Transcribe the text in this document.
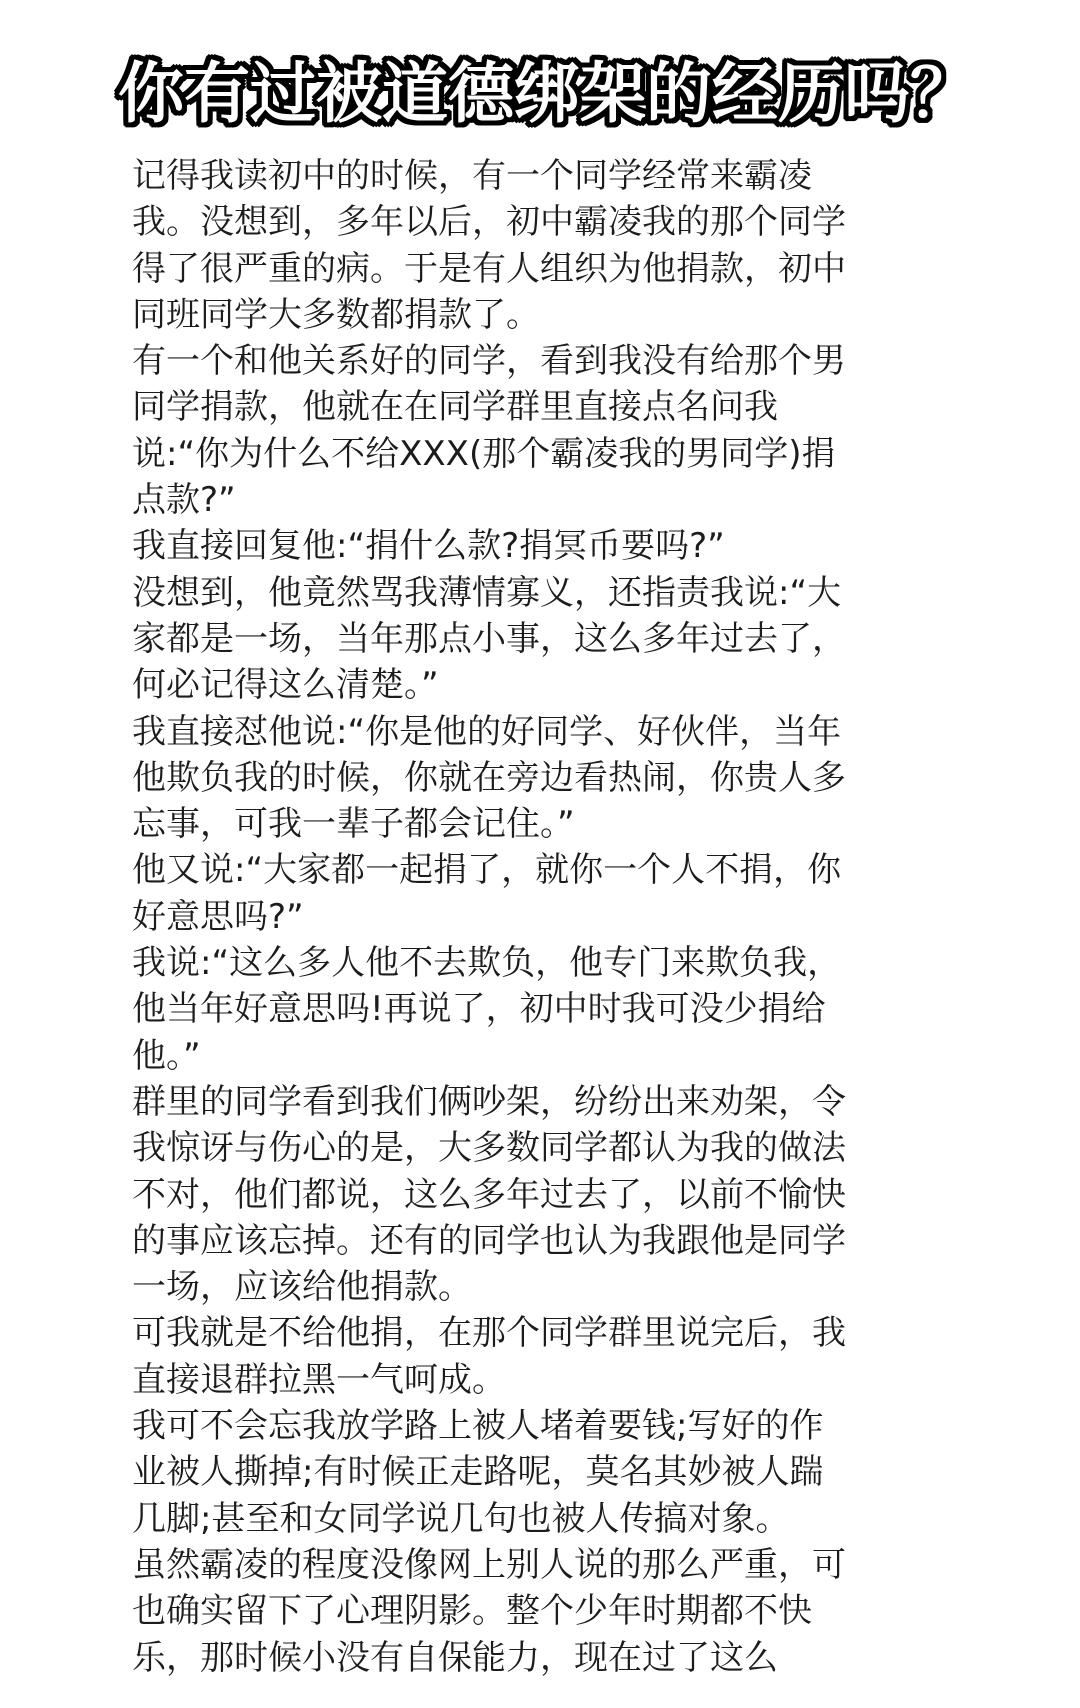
你有过被道德绑架的经历吗？

记得我读初中的时候，有一个同学经常来霸凌我。没想到，多年以后，初中霸凌我的那个同学得了很严重的病。于是有人组织为他捐款，初中同班同学大多数都捐款了。

有一个和他关系好的同学，看到我没有给那个男同学捐款，他就在在同学群里直接点名问我说:“你为什么不给XXX(那个霸凌我的男同学)捐点款?”

我直接回复他:“捐什么款?捐冥币要吗?”

没想到，他竟然骂我薄情寡义，还指责我说:“大家都是一场，当年那点小事，这么多年过去了，何必记得这么清楚。”

我直接怼他说:“你是他的好同学、好伙伴，当年他欺负我的时候，你就在旁边看热闹，你贵人多忘事，可我一辈子都会记住。”

他又说:“大家都一起捐了，就你一个人不捐，你好意思吗?”

我说:“这么多人他不去欺负，他专门来欺负我，他当年好意思吗!再说了，初中时我可没少捐给他。”

群里的同学看到我们俩吵架，纷纷出来劝架，令我惊讶与伤心的是，大多数同学都认为我的做法不对，他们都说，这么多年过去了，以前不愉快的事应该忘掉。还有的同学也认为我跟他是同学一场，应该给他捐款。

可我就是不给他捐，在那个同学群里说完后，我直接退群拉黑一气呵成。

我可不会忘我放学路上被人堵着要钱;写好的作业被人撕掉;有时候正走路呢，莫名其妙被人踹几脚;甚至和女同学说几句也被人传搞对象。

虽然霸凌的程度没像网上别人说的那么严重，可也确实留下了心理阴影。整个少年时期都不快乐，那时候小没有自保能力，现在过了这么
